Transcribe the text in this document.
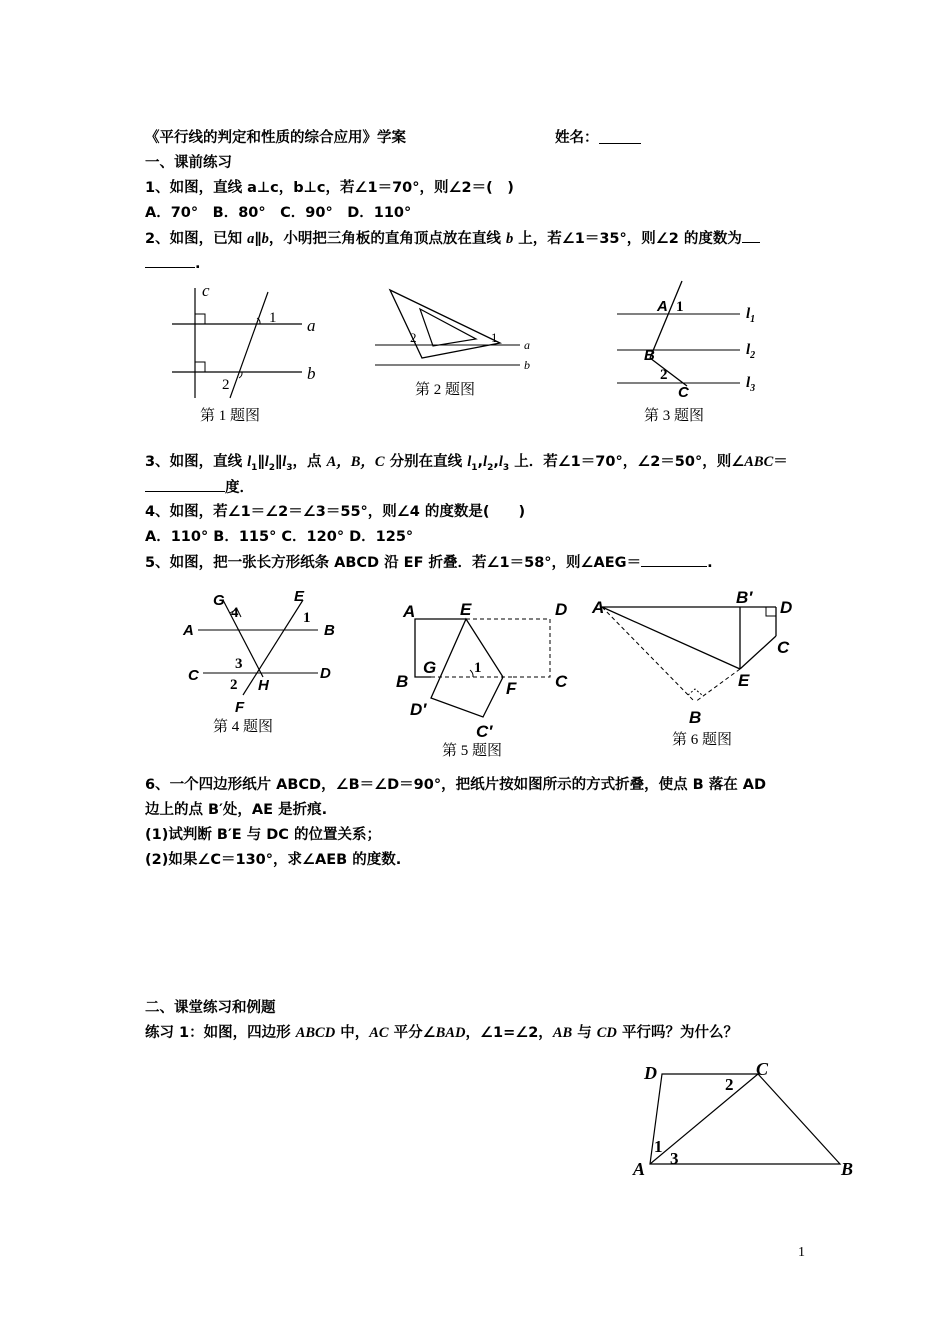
《平行线的判定和性质的综合应用》学案	姓名：
一、课前练习
1、如图，直线 a⊥c，b⊥c，若∠1＝70°，则∠2＝(　)
A．70°　B．80°　C．90°　D．110°
2、如图，已知 a∥b，小明把三角板的直角顶点放在直线 b 上，若∠1＝35°，则∠2 的度数为
.
c
a
b
1
2
第 1 题图
2	1 a
b
第 2 题图
A 1
B
2
C
$l_1$
$l_2$
$l_3$
第 3 题图
3、如图，直线 $l_1\parallel l_2\parallel l_3$，点 A，B，C 分别在直线 $l_1,l_2,l_3$ 上．若∠1＝70°，∠2＝50°，则∠ABC＝
度．
4、如图，若∠1＝∠2＝∠3＝55°，则∠4 的度数是(　　)
A．110° B．115° C．120° D．125°
5、如图，把一张长方形纸条 ABCD 沿 EF 折叠．若∠1＝58°，则∠AEG＝	.
G
4
E
1
A	B
3
C	D
2 H
F
第 4 题图
A	E	D
B
G	1
F C
D′
C′
第 5 题图
A
B′
D
C
E
B
第 6 题图
6、一个四边形纸片 ABCD，∠B＝∠D＝90°，把纸片按如图所示的方式折叠，使点 B 落在 AD
边上的点 B′处，AE 是折痕.
(1)试判断 B′E 与 DC 的位置关系；
(2)如果∠C＝130°，求∠AEB 的度数.
二、课堂练习和例题
练习 1：如图，四边形 ABCD 中，AC 平分∠BAD，∠1=∠2，AB 与 CD 平行吗？为什么？
D	C
2
1
3
A	B
1
